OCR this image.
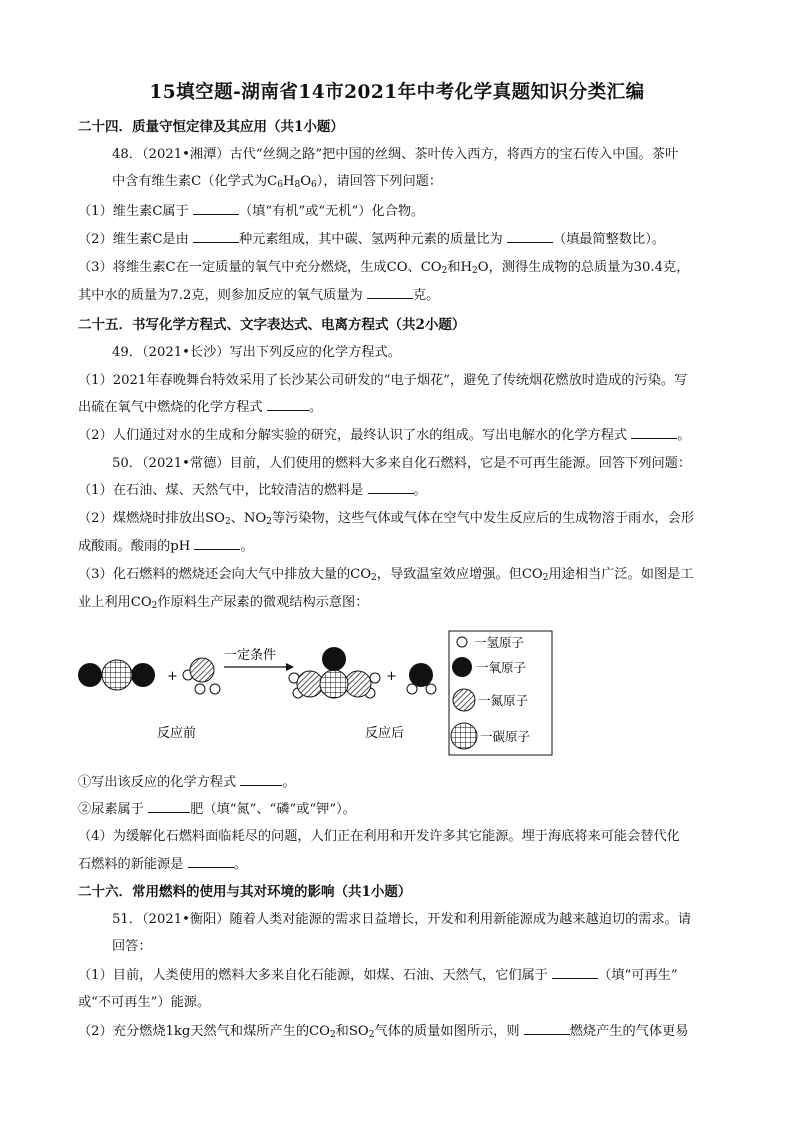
15填空题-湖南省14市2021年中考化学真题知识分类汇编
二十四．质量守恒定律及其应用（共1小题）
48．（2021•湘潭）古代“丝绸之路”把中国的丝绸、茶叶传入西方，将西方的宝石传入中国。茶叶
中含有维生素C（化学式为$C_6H_8O_6$），请回答下列问题：
（1）维生素C属于	（填“有机”或“无机”）化合物。
（2）维生素C是由	种元素组成，其中碳、氢两种元素的质量比为	（填最简整数比）。
（3）将维生素C在一定质量的氧气中充分燃烧，生成CO、$CO_2$和$H_2O$，测得生成物的总质量为30.4克，
其中水的质量为7.2克，则参加反应的氧气质量为	克。
二十五．书写化学方程式、文字表达式、电离方程式（共2小题）
49．（2021•长沙）写出下列反应的化学方程式。
（1）2021年春晚舞台特效采用了长沙某公司研发的“电子烟花”，避免了传统烟花燃放时造成的污染。写
出硫在氧气中燃烧的化学方程式	。
（2）人们通过对水的生成和分解实验的研究，最终认识了水的组成。写出电解水的化学方程式	。
50．（2021•常德）目前，人们使用的燃料大多来自化石燃料，它是不可再生能源。回答下列问题：
（1）在石油、煤、天然气中，比较清洁的燃料是	。
（2）煤燃烧时排放出$SO_2$、$NO_2$等污染物，这些气体或气体在空气中发生反应后的生成物溶于雨水，会形
成酸雨。酸雨的pH	。
（3）化石燃料的燃烧还会向大气中排放大量的$CO_2$，导致温室效应增强。但$CO_2$用途相当广泛。如图是工
业上利用$CO_2$作原料生产尿素的微观结构示意图：
+
一定条件
+
反应前	反应后
一氢原子
一氧原子
一氮原子
一碳原子
①写出该反应的化学方程式	。
②尿素属于	肥（填“氮”、“磷”或“钾”）。
（4）为缓解化石燃料面临耗尽的问题，人们正在利用和开发许多其它能源。埋于海底将来可能会替代化
石燃料的新能源是	。
二十六．常用燃料的使用与其对环境的影响（共1小题）
51．（2021•衡阳）随着人类对能源的需求日益增长，开发和利用新能源成为越来越迫切的需求。请
回答：
（1）目前，人类使用的燃料大多来自化石能源，如煤、石油、天然气，它们属于	（填“可再生”
或“不可再生”）能源。
（2）充分燃烧1kg天然气和煤所产生的$CO_2$和$SO_2$气体的质量如图所示，则	燃烧产生的气体更易
